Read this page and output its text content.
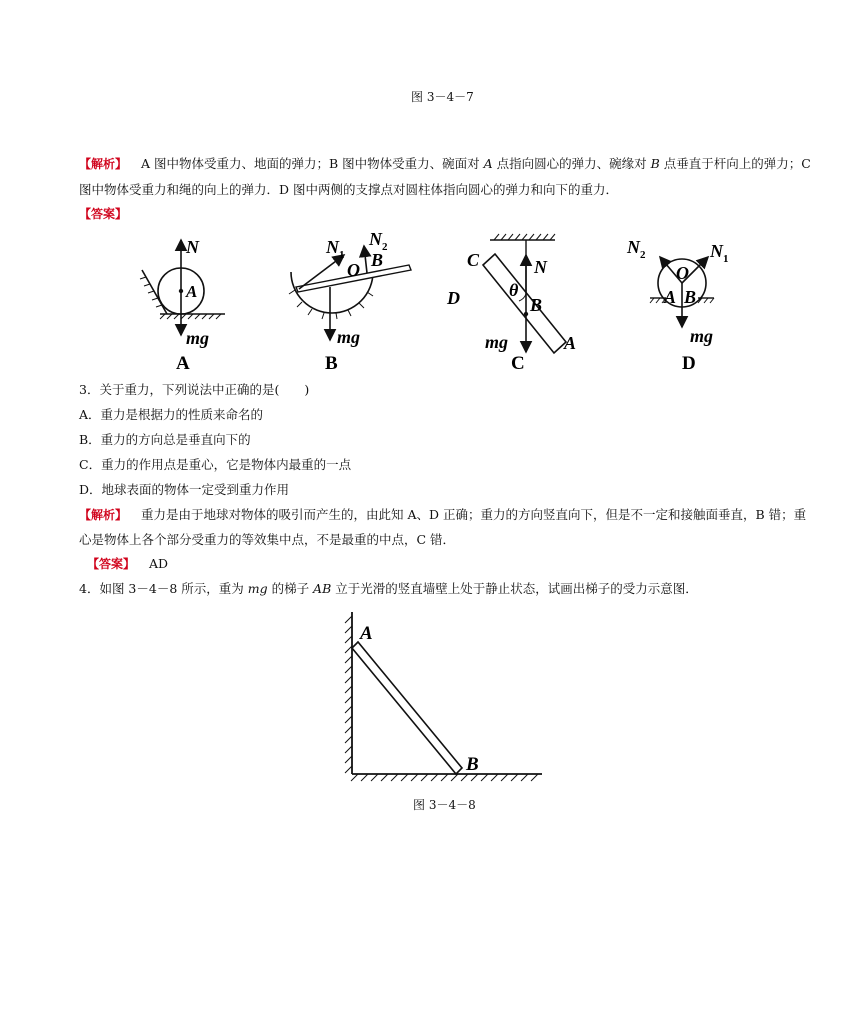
图 3－4－7
【解析】 A 图中物体受重力、地面的弹力；B 图中物体受重力、碗面对 A 点指向圆心的弹力、碗缘对 B 点垂直于杆向上的弹力；C
图中物体受重力和绳的向上的弹力．D 图中两侧的支撑点对圆柱体指向圆心的弹力和向下的重力．
【答案】
N
A
mg
A
$N_1$
$N_2$
O B
mg
B
C
D
N
θ
B
mg	A
C
$N_2$	$N_1$
O
A B
mg
D
3．关于重力，下列说法中正确的是(　　)
A．重力是根据力的性质来命名的
B．重力的方向总是垂直向下的
C．重力的作用点是重心，它是物体内最重的一点
D．地球表面的物体一定受到重力作用
【解析】 重力是由于地球对物体的吸引而产生的，由此知 A、D 正确；重力的方向竖直向下，但是不一定和接触面垂直，B 错；重
心是物体上各个部分受重力的等效集中点，不是最重的中点，C 错．
【答案】 AD
4．如图 3－4－8 所示，重为 mg 的梯子 AB 立于光滑的竖直墙壁上处于静止状态，试画出梯子的受力示意图．
A
B
图 3－4－8
